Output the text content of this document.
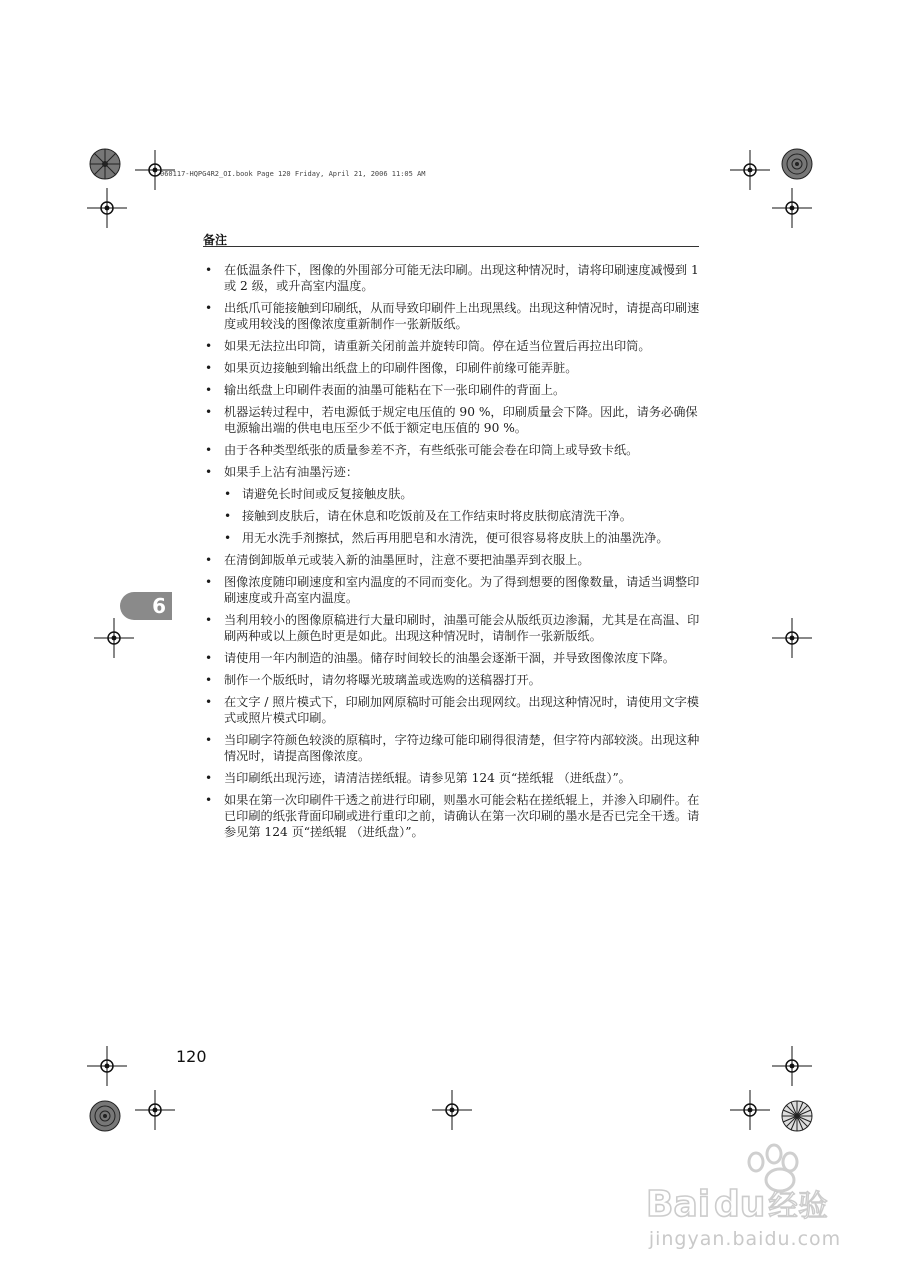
060117-HQPG4R2_OI.book Page 120 Friday, April 21, 2006 11:05 AM
备注
6
• 在低温条件下，图像的外围部分可能无法印刷。出现这种情况时，请将印刷速度减慢到 1 或 2 级，或升高室内温度。
• 出纸爪可能接触到印刷纸，从而导致印刷件上出现黑线。出现这种情况时，请提高印刷速度或用较浅的图像浓度重新制作一张新版纸。
• 如果无法拉出印筒，请重新关闭前盖并旋转印筒。停在适当位置后再拉出印筒。
• 如果页边接触到输出纸盘上的印刷件图像，印刷件前缘可能弄脏。
• 输出纸盘上印刷件表面的油墨可能粘在下一张印刷件的背面上。
• 机器运转过程中，若电源低于规定电压值的 90 %，印刷质量会下降。因此，请务必确保电源输出端的供电电压至少不低于额定电压值的 90 %。
• 由于各种类型纸张的质量参差不齐，有些纸张可能会卷在印筒上或导致卡纸。
• 如果手上沾有油墨污迹：
• 请避免长时间或反复接触皮肤。
• 接触到皮肤后，请在休息和吃饭前及在工作结束时将皮肤彻底清洗干净。
• 用无水洗手剂擦拭，然后再用肥皂和水清洗，便可很容易将皮肤上的油墨洗净。
• 在清倒卸版单元或装入新的油墨匣时，注意不要把油墨弄到衣服上。
• 图像浓度随印刷速度和室内温度的不同而变化。为了得到想要的图像数量，请适当调整印刷速度或升高室内温度。
• 当利用较小的图像原稿进行大量印刷时，油墨可能会从版纸页边渗漏，尤其是在高温、印刷两种或以上颜色时更是如此。出现这种情况时，请制作一张新版纸。
• 请使用一年内制造的油墨。储存时间较长的油墨会逐渐干涸，并导致图像浓度下降。
• 制作一个版纸时，请勿将曝光玻璃盖或选购的送稿器打开。
• 在文字 / 照片模式下，印刷加网原稿时可能会出现网纹。出现这种情况时，请使用文字模式或照片模式印刷。
• 当印刷字符颜色较淡的原稿时，字符边缘可能印刷得很清楚，但字符内部较淡。出现这种情况时，请提高图像浓度。
• 当印刷纸出现污迹，请清洁搓纸辊。请参见第 124 页“搓纸辊 （进纸盘）”。
• 如果在第一次印刷件干透之前进行印刷，则墨水可能会粘在搓纸辊上，并渗入印刷件。在已印刷的纸张背面印刷或进行重印之前，请确认在第一次印刷的墨水是否已完全干透。请参见第 124 页“搓纸辊 （进纸盘）”。
120
Bai du 经验
jingyan.baidu.com
